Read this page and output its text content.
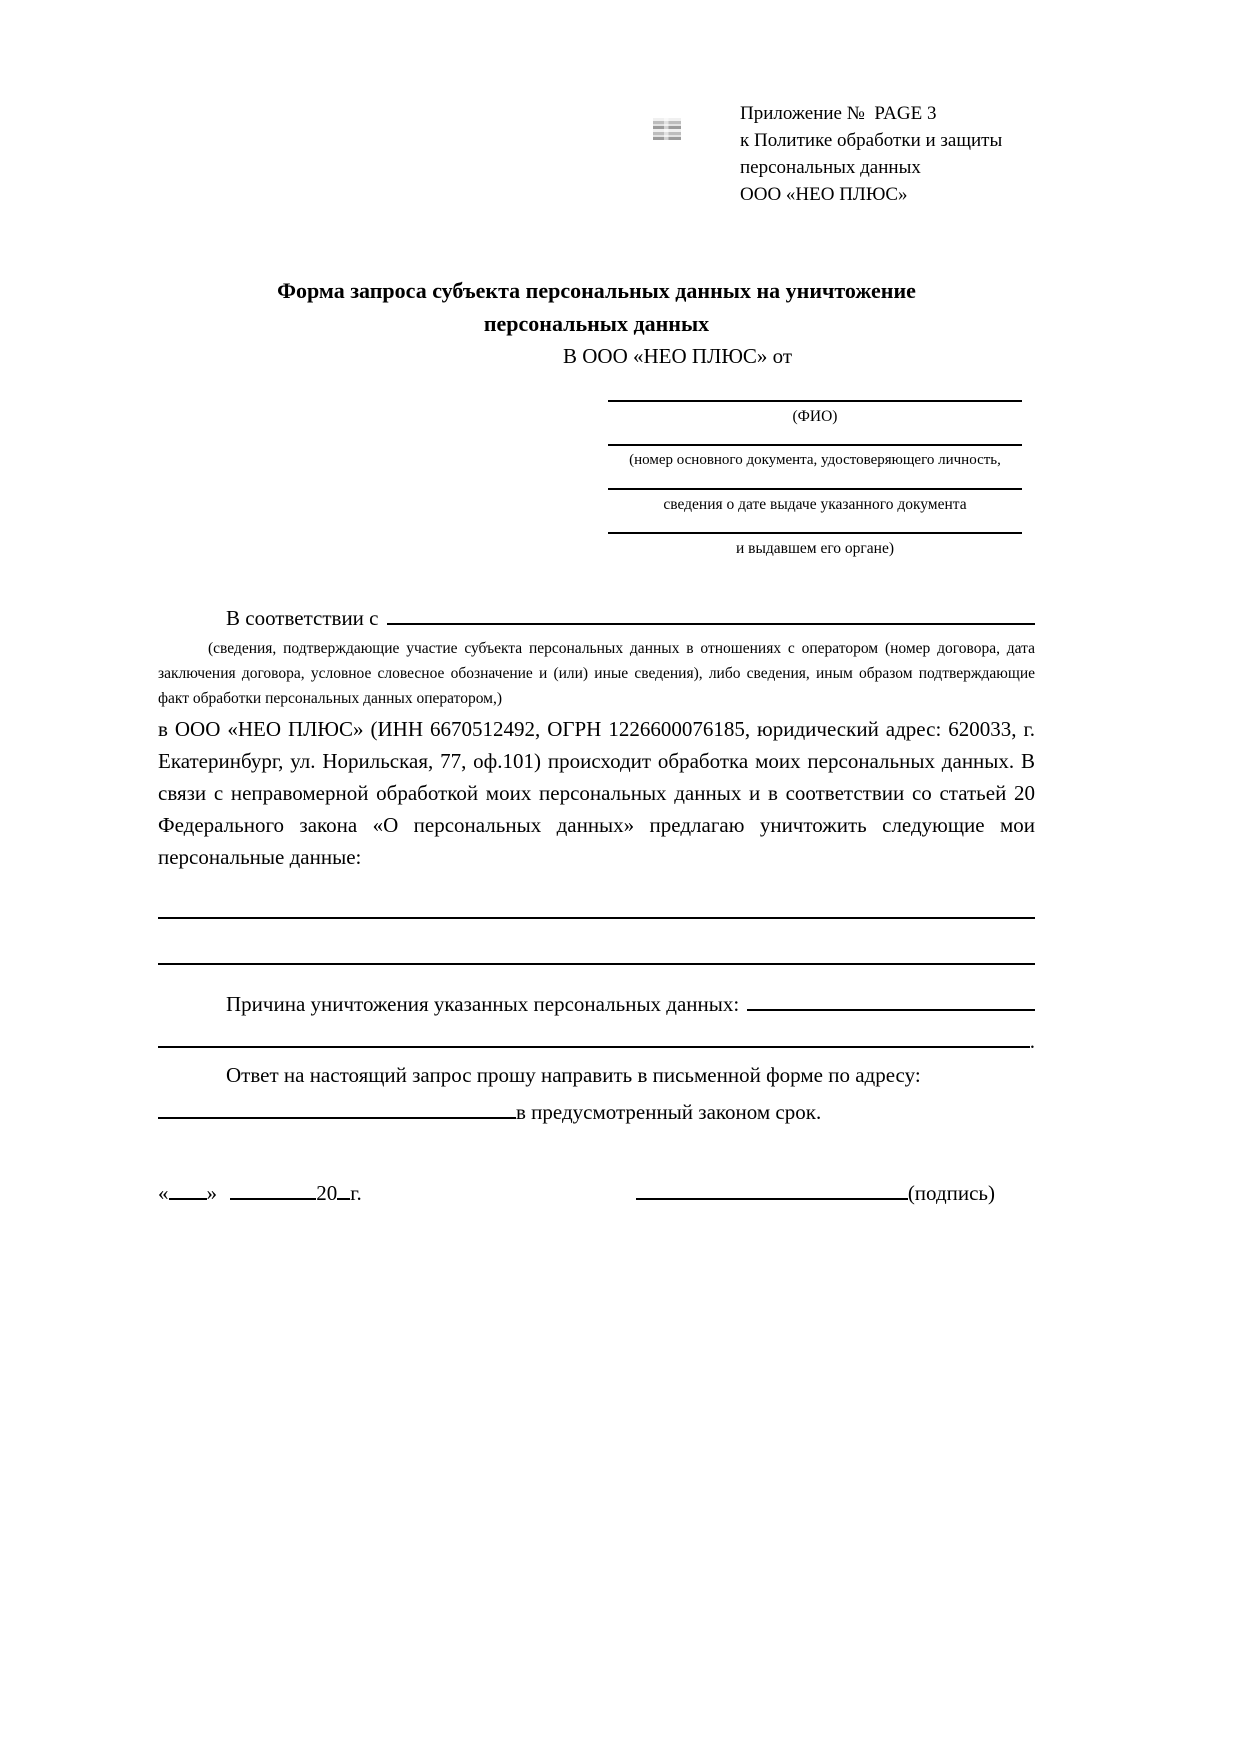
Приложение №  PAGE 3
к Политике обработки и защиты
персональных данных
ООО «НЕО ПЛЮС»
Форма запроса субъекта персональных данных на уничтожение
персональных данных
В ООО «НЕО ПЛЮС» от
(ФИО)
(номер основного документа, удостоверяющего личность,
сведения о дате выдаче указанного документа
и выдавшем его органе)
В соответствии с
(сведения, подтверждающие участие субъекта персональных данных в отношениях с оператором (номер договора, дата заключения договора, условное словесное обозначение и (или) иные сведения), либо сведения, иным образом подтверждающие факт обработки персональных данных оператором,)
в ООО «НЕО ПЛЮС» (ИНН 6670512492, ОГРН 1226600076185, юридический адрес: 620033, г. Екатеринбург, ул. Норильская, 77, оф.101) происходит обработка моих персональных данных. В связи с неправомерной обработкой моих персональных данных и в соответствии со статьей 20 Федерального закона «О персональных данных» предлагаю уничтожить следующие мои персональные данные:
Причина уничтожения указанных персональных данных:
.
Ответ на настоящий запрос прошу направить в письменной форме по адресу:
в предусмотренный законом срок.
« »	20 г.	(подпись)
